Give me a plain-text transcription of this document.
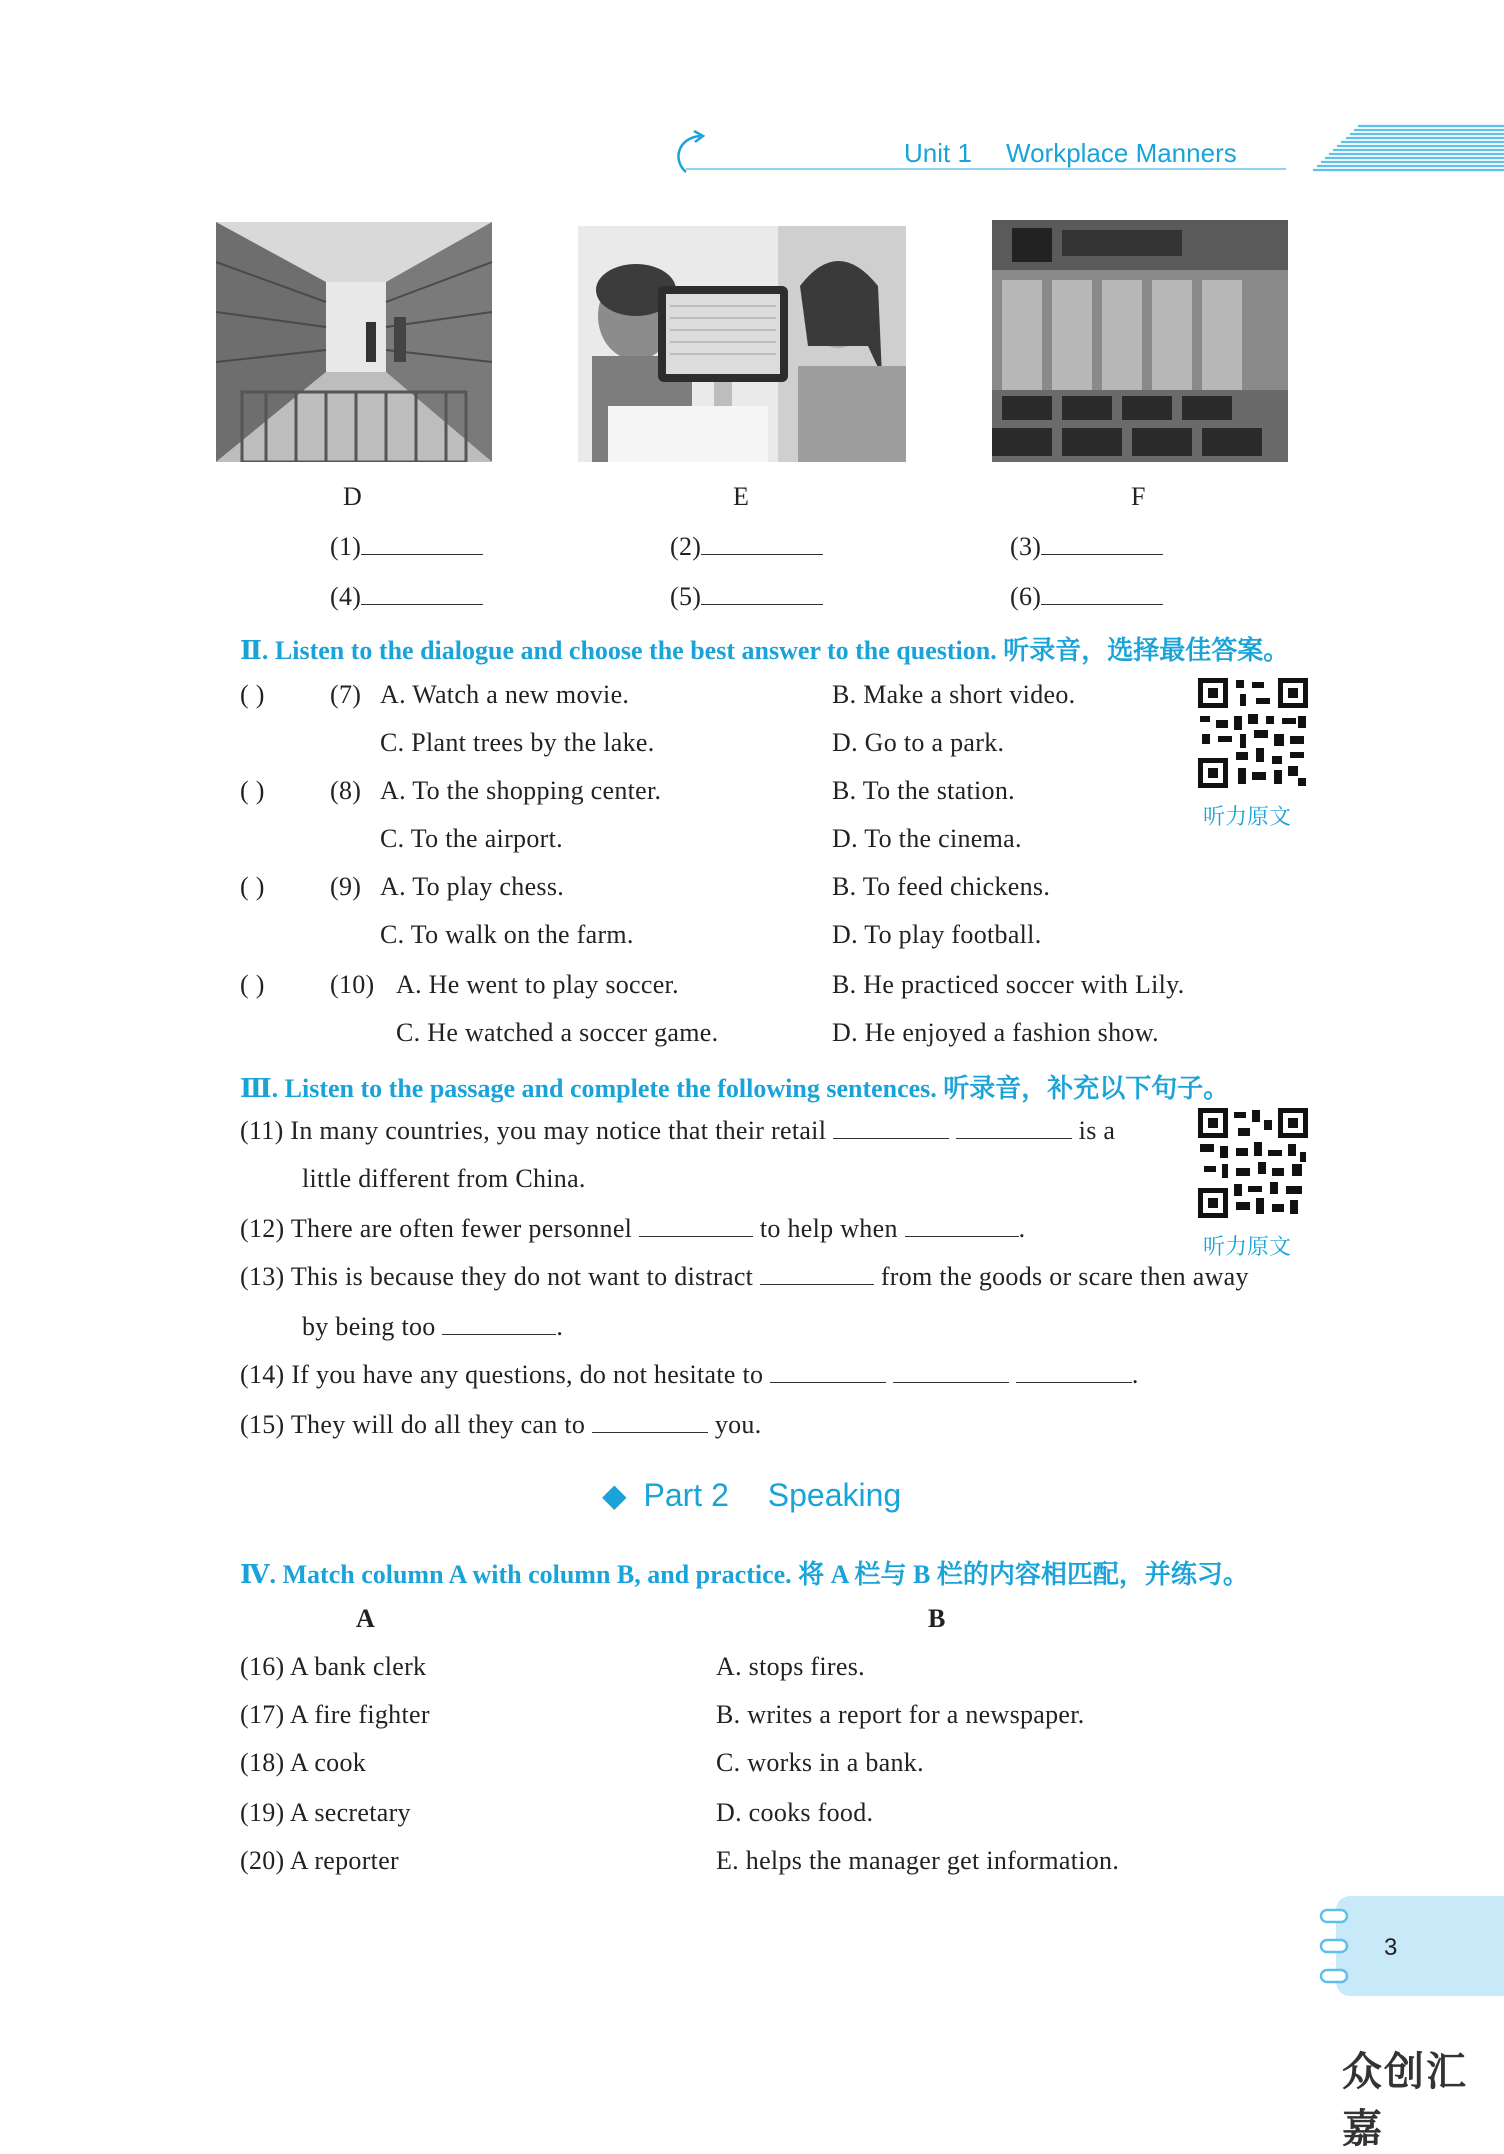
Unit 1 Workplace Manners
D	E	F
(1)	(2)	(3)
(4)	(5)	(6)
Ⅱ. Listen to the dialogue and choose the best answer to the question. 听录音，选择最佳答案。
( )	(7) A. Watch a new movie.	B. Make a short video.
C. Plant trees by the lake.	D. Go to a park.
( )	(8) A. To the shopping center.	B. To the station.
C. To the airport.	D. To the cinema.
( )	(9) A. To play chess.	B. To feed chickens.
C. To walk on the farm.	D. To play football.
( )	(10) A. He went to play soccer.	B. He practiced soccer with Lily.
C. He watched a soccer game.	D. He enjoyed a fashion show.
听力原文
Ⅲ. Listen to the passage and complete the following sentences. 听录音，补充以下句子。
(11) In many countries, you may notice that their retail	is a
little different from China.
(12) There are often fewer personnel	to help when	.
(13) This is because they do not want to distract	from the goods or scare then away
by being too	.
(14) If you have any questions, do not hesitate to	.
(15) They will do all they can to	you.
听力原文
◆ Part 2 Speaking
Ⅳ. Match column A with column B, and practice. 将 A 栏与 B 栏的内容相匹配，并练习。
A	B
(16) A bank clerk	A. stops fires.
(17) A fire fighter	B. writes a report for a newspaper.
(18) A cook	C. works in a bank.
(19) A secretary	D. cooks food.
(20) A reporter	E. helps the manager get information.
3
众创汇嘉
